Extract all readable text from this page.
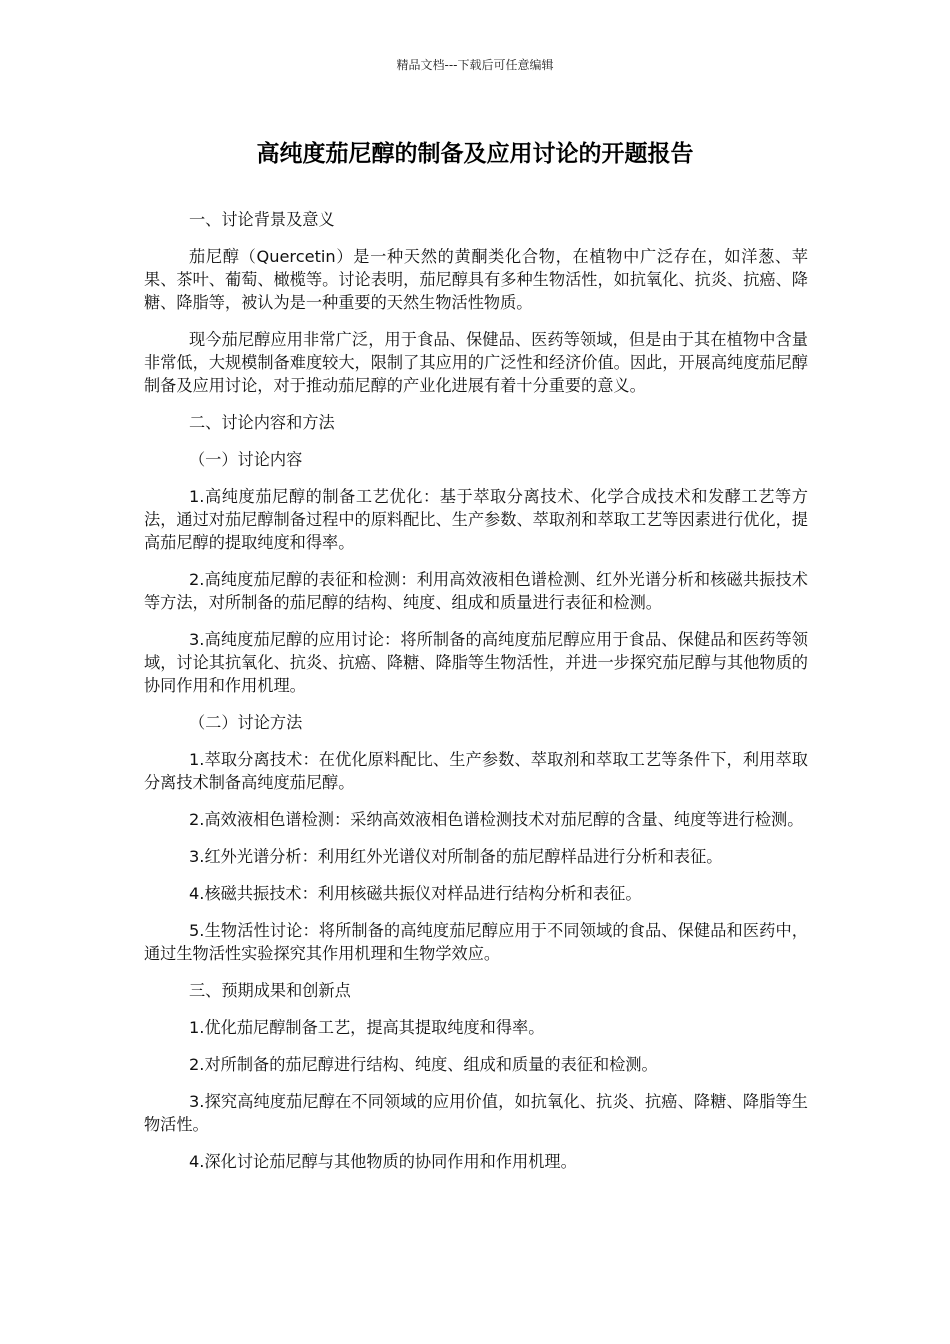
精品文档---下载后可任意编辑
高纯度茄尼醇的制备及应用讨论的开题报告

一、讨论背景及意义

茄尼醇（Quercetin）是一种天然的黄酮类化合物，在植物中广泛存在，如洋葱、苹果、茶叶、葡萄、橄榄等。讨论表明，茄尼醇具有多种生物活性，如抗氧化、抗炎、抗癌、降糖、降脂等，被认为是一种重要的天然生物活性物质。

现今茄尼醇应用非常广泛，用于食品、保健品、医药等领域，但是由于其在植物中含量非常低，大规模制备难度较大，限制了其应用的广泛性和经济价值。因此，开展高纯度茄尼醇制备及应用讨论，对于推动茄尼醇的产业化进展有着十分重要的意义。

二、讨论内容和方法

（一）讨论内容

1.高纯度茄尼醇的制备工艺优化：基于萃取分离技术、化学合成技术和发酵工艺等方法，通过对茄尼醇制备过程中的原料配比、生产参数、萃取剂和萃取工艺等因素进行优化，提高茄尼醇的提取纯度和得率。

2.高纯度茄尼醇的表征和检测：利用高效液相色谱检测、红外光谱分析和核磁共振技术等方法，对所制备的茄尼醇的结构、纯度、组成和质量进行表征和检测。

3.高纯度茄尼醇的应用讨论：将所制备的高纯度茄尼醇应用于食品、保健品和医药等领域，讨论其抗氧化、抗炎、抗癌、降糖、降脂等生物活性，并进一步探究茄尼醇与其他物质的协同作用和作用机理。

（二）讨论方法

1.萃取分离技术：在优化原料配比、生产参数、萃取剂和萃取工艺等条件下，利用萃取分离技术制备高纯度茄尼醇。

2.高效液相色谱检测：采纳高效液相色谱检测技术对茄尼醇的含量、纯度等进行检测。

3.红外光谱分析：利用红外光谱仪对所制备的茄尼醇样品进行分析和表征。

4.核磁共振技术：利用核磁共振仪对样品进行结构分析和表征。

5.生物活性讨论：将所制备的高纯度茄尼醇应用于不同领域的食品、保健品和医药中，通过生物活性实验探究其作用机理和生物学效应。

三、预期成果和创新点

1.优化茄尼醇制备工艺，提高其提取纯度和得率。

2.对所制备的茄尼醇进行结构、纯度、组成和质量的表征和检测。

3.探究高纯度茄尼醇在不同领域的应用价值，如抗氧化、抗炎、抗癌、降糖、降脂等生物活性。

4.深化讨论茄尼醇与其他物质的协同作用和作用机理。
